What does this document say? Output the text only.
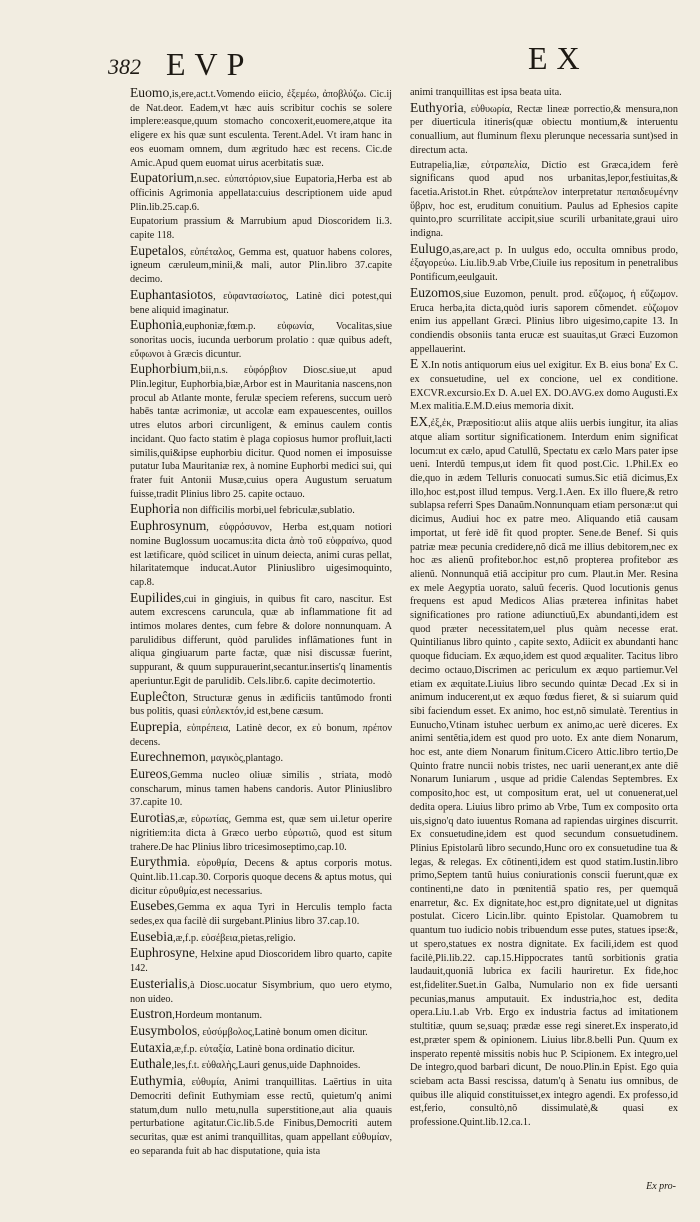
382 EVP	EX

Euomo,is,ere,act.t.Vomendo eiicio, ἐξεμέω, ἀποβλύζω. Cic.ij de Nat.deor. Eadem,vt hæc auis scribitur cochis se solere implere:easque,quum stomacho concoxerit,euomere,atque ita eligere ex his quæ sunt esculenta. Terent.Adel. Vt iram hanc in eos euomam omnem, dum ægritudo hæc est recens. Cic.de Amic.Apud quem euomat uirus acerbitatis suæ.

Eupatorium,n.sec. εὐπατόριον,siue Eupatoria,Herba est ab officinis Agrimonia appellata:cuius descriptionem uide apud Plin.lib.25.cap.6.

Eupatorium prassium & Marrubium apud Dioscoridem li.3. capite 118.

Eupetalos, εὐπέταλος, Gemma est, quatuor habens colores, igneum cæruleum,minii,& mali, autor Plin.libro 37.capite decimo.

Euphantasiotos, εὐφαντασίωτος, Latinè dici potest,qui bene aliquid imaginatur.

Euphonia,euphoniæ,fœm.p. εὐφωνία, Vocalitas,siue sonoritas uocis, iucunda uerborum prolatio : quæ quibus adeft, εὔφωνοι à Græcis dicuntur.

Euphorbium,bii,n.s. εὐφόρβιον Diosc.siue,ut apud Plin.legitur, Euphorbia,biæ,Arbor est in Mauritania nascens,non procul ab Atlante monte, ferulæ speciem referens, succum uerò habēs tantæ acrimoniæ, ut accolæ eam expauescentes, ouillos utres elutos arbori circunligent, & eminus caulem contis incidant. Quo facto statim è plaga copiosus humor profluit,lacti similis,qui&ipse euphorbiu dicitur. Quod nomen ei imposuisse putatur Iuba Mauritaniæ rex, à nomine Euphorbi medici sui, qui frater fuit Antonii Musæ,cuius opera Augustum seruatum fuisse,tradit Plinius libro 25. capite octauo.

Euphoria non difficilis morbi,uel febriculæ,sublatio.

Euphrosynum, εὐφρόσυνον, Herba est,quam notiori nomine Buglossum uocamus:ita dicta ἀπὸ τοῦ εὐφραίνω, quod est lætificare, quòd scilicet in uinum deiecta, animi curas pellat, hilaritatemque inducat.Autor Pliniuslibro uigesimoquinto, cap.8.

Eupilides,cui in gingiuis, in quibus fit caro, nascitur. Est autem excrescens caruncula, quæ ab inflammatione fit ad intimos molares dentes, cum febre & dolore nonnunquam. A parulidibus differunt, quòd parulides inflãmationes funt in aliqua gingiuarum parte factæ, quæ nisi discussæ fuerint, suppurant, & quum suppurauerint,secantur.insertis'q linamentis aperiuntur.Egit de parulidib. Cels.libr.6. capite decimotertio.

Eupleĉton, Structuræ genus in ædificiis tantũmodo fronti bus politis, quasi εὐπλεκτόν,id est,bene cæsum.

Euprepia, εὐπρέπεια, Latinè decor, ex εὐ bonum, πρέπον decens.

Eurechnemon, μαγικὸς,plantago.

Eureos,Gemma nucleo oliuæ similis , striata, modò conscharum, minus tamen habens candoris. Autor Pliniuslibro 37.capite 10.

Eurotias,æ, εὐρωτίας, Gemma est, quæ sem ui.letur operire nigritiem:ita dicta à Græco uerbo εὐρωτιῶ, quod est situm trahere.De hac Plinius libro tricesimoseptimo,cap.10.

Eurythmia. εὐρυθμία, Decens & aptus corporis motus. Quint.lib.11.cap.30. Corporis quoque decens & aptus motus, qui dicitur εὐρυθμία,est necessarius.

Eusebes,Gemma ex aqua Tyri in Herculis templo facta sedes,ex qua facilè dii surgebant.Plinius libro 37.cap.10.

Eusebia,æ,f.p. εὐσέβεια,pietas,religio.

Euphrosyne, Helxine apud Dioscoridem libro quarto, capite 142.

Eusterialis,à Diosc.uocatur Sisymbrium, quo uero etymo, non uideo.

Eustron,Hordeum montanum.

Eusymbolos, εὐσύμβολος,Latinè bonum omen dicitur.

Eutaxia,æ,f.p. εὐταξία, Latinè bona ordinatio dicitur.

Euthale,les,f.t. εὐθαλὴς,Lauri genus,uide Daphnoides.

Euthymia, εὐθυμία, Animi tranquillitas. Laërtius in uita Democriti definit Euthymiam esse rectũ, quietum'q animi statum,dum nullo metu,nulla superstitione,aut alia quauis perturbatione agitatur.Cic.lib.5.de Finibus,Democriti autem securitas, quæ est animi tranquillitas, quam appellant εὐθυμίαν, eo separanda fuit ab hac disputatione, quia ista

animi tranquillitas est ipsa beata uita.

Euthyoria, εὐθυωρία, Rectæ lineæ porrectio,& mensura,non per diuerticula itineris(quæ obiectu montium,& interuentu conuallium, aut fluminum flexu plerunque necessaria sunt)sed in directum acta.

Eutrapelia,liæ, εὐτραπελία, Dictio est Græca,idem ferè significans quod apud nos urbanitas,lepor,festiuitas,& facetia.Aristot.in Rhet. εὐτράπελον interpretatur πεπαιδευμένην ὕβριν, hoc est, eruditum conuitium. Paulus ad Ephesios capite quinto,pro scurrilitate accipit,siue scurili urbanitate,graui uiro indigna.

Eulugo,as,are,act p. In uulgus edo, occulta omnibus prodo, ἐξαγορεύω. Liu.lib.9.ab Vrbe,Ciuile ius repositum in penetralibus Pontificum,eeulgauit.

Euzomos,siue Euzomon, penult. prod. εὔζωμος, ἡ εὔζωμον. Eruca herba,ita dicta,quòd iuris saporem cõmendet. εὐζωμον enim ius appellant Græci. Plinius libro uigesimo,capite 13. In condiendis obsoniis tanta erucæ est suauitas,ut Græci Euzomon appellauerint.

E X.In notis antiquorum eius uel exigitur. Ex B. eius bona' Ex C. ex consuetudine, uel ex concione, uel ex conditione. EXCVR.excursio.Ex D. A.uel EX. DO.AVG.ex domo Augusti.Ex M.ex malitia.E.M.D.eius memoria dixit.

EX,ἐξ,ἐκ, Præpositio:ut aliis atque aliis uerbis iungitur, ita alias atque aliam sortitur significationem. Interdum enim significat locum:ut ex cælo, apud Catullū, Spectatu ex cælo Mars pater ipse ueni. Interdũ tempus,ut idem fit quod post.Cic. 1.Phil.Ex eo die,quo in ædem Telluris conuocati sumus.Sic etiã dicimus,Ex illo,hoc est,post illud tempus. Verg.1.Aen. Ex illo fluere,& retro sublapsa referri Spes Danaũm.Nonnunquam etiam personæ:ut qui dicimus, Audiui hoc ex patre meo. Aliquando etiã causam importat, ut ferè idē fit quod propter. Sene.de Benef. Si quis patriæ meæ pecunia credidere,nõ dicã me illius debitorem,nec ex hoc æs alienũ profitebor.hoc est,nõ propterea profitebor æs alienũ. Nonnunquã etiã accipitur pro cum. Plaut.in Mer. Resina ex mele Aegyptia uorato, saluũ feceris. Quod locutionis genus frequens est apud Medicos Alias præterea infinitas habet significationes pro ratione adiunctiuũ,Ex abundanti,idem est quod præter necessitatem,uel plus quàm necesse erat. Quintilianus libro quinto , capite sexto, Adiicit ex abundanti hanc quoque fiduciam. Ex æquo,idem est quod æqualiter. Tacitus libro decimo octauo,Discrimen ac periculum ex æquo partiemur.Vel etiam ex æquitate.Liuius libro secundo quintæ Decad .Ex si in animum inducerent,ut ex æquo fœdus fieret, & si suiarum quid sibi faciendum esset. Ex animo, hoc est,nõ simulatè. Terentius in Eunucho,Vtinam istuhec uerbum ex animo,ac uerè diceres. Ex animi sentẽtia,idem est quod pro uoto. Ex ante diem Nonarum, hoc est, ante diem Nonarum finitum.Cicero Attic.libro tertio,De Quinto fratre nuncii nobis tristes, nec uarii uenerant,ex ante diẽ Nonarum Iuniarum , usque ad pridie Calendas Septembres. Ex composito,hoc est, ut compositum erat, uel ut conuenerat,uel dedita opera. Liuius libro primo ab Vrbe, Tum ex composito orta uis,signo'q dato iuuentus Romana ad rapiendas uirgines discurrit. Ex consuetudine,idem est quod secundum consuetudinem. Plinius Epistolarũ libro secundo,Hunc oro ex consuetudine tua & legas, & relegas. Ex cõtinenti,idem est quod statim.Iustin.libro primo,Septem tantũ huius coniurationis conscii fuerunt,quæ ex continenti,ne dato in pœnitentiã spatio res, per quemquã enarretur, &c. Ex dignitate,hoc est,pro dignitate,uel ut dignitas postulat. Cicero Licin.libr. quinto Epistolar. Quamobrem tu quantum tuo iudicio nobis tribuendum esse putes, statues ipse:&, ut spero,statues ex nostra dignitate. Ex facili,idem est quod facilè,Pli.lib.22. cap.15.Hippocrates tantũ sorbitionis gratia laudauit,quoniã lubrica ex facili hauriretur. Ex fide,hoc est,fideliter.Suet.in Galba, Numulario non ex fide uersanti pecunias,manus amputauit. Ex industria,hoc est, dedita opera.Liu.1.ab Vrb. Ergo ex industria factus ad imitationem stultitiæ, quum se,suaq; prædæ esse regi sineret.Ex insperato,id est,præter spem & opinionem. Liuius libr.8.belli Pun. Quum ex insperato repentè missitis nobis huc P. Scipionem. Ex integro,uel De integro,quod barbari dicunt, De nouo.Plin.in Epist. Ego quia sciebam acta Bassi rescissa, datum'q à Senatu ius omnibus, de quibus ille aliquid constituisset,ex integro agendi. Ex professo,id est,ferio, consultò,nõ dissimulatè,& quasi ex professione.Quint.lib.12.ca.1.

Ex pro-
